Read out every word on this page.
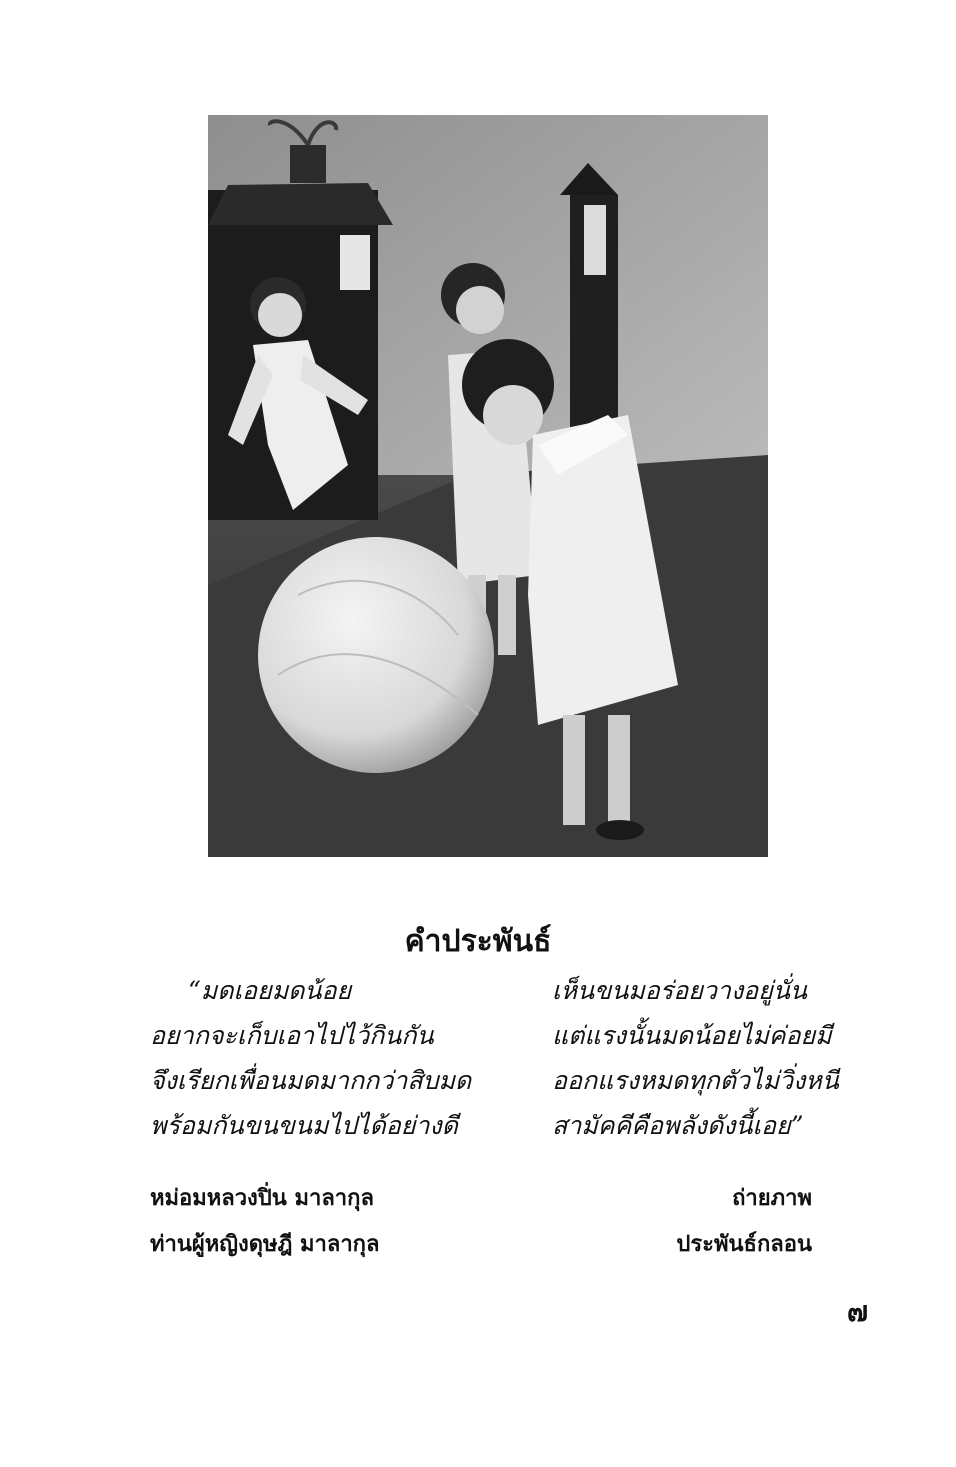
คำประพันธ์
“มดเอยมดน้อย
อยากจะเก็บเอาไปไว้กินกัน
จึงเรียกเพื่อนมดมากกว่าสิบมด
พร้อมกันขนขนมไปได้อย่างดี
เห็นขนมอร่อยวางอยู่นั่น
แต่แรงนั้นมดน้อยไม่ค่อยมี
ออกแรงหมดทุกตัวไม่วิ่งหนี
สามัคคีคือพลังดังนี้เอย”
หม่อมหลวงปิ่น มาลากุล
ท่านผู้หญิงดุษฎี มาลากุล
ถ่ายภาพ
ประพันธ์กลอน
๗
